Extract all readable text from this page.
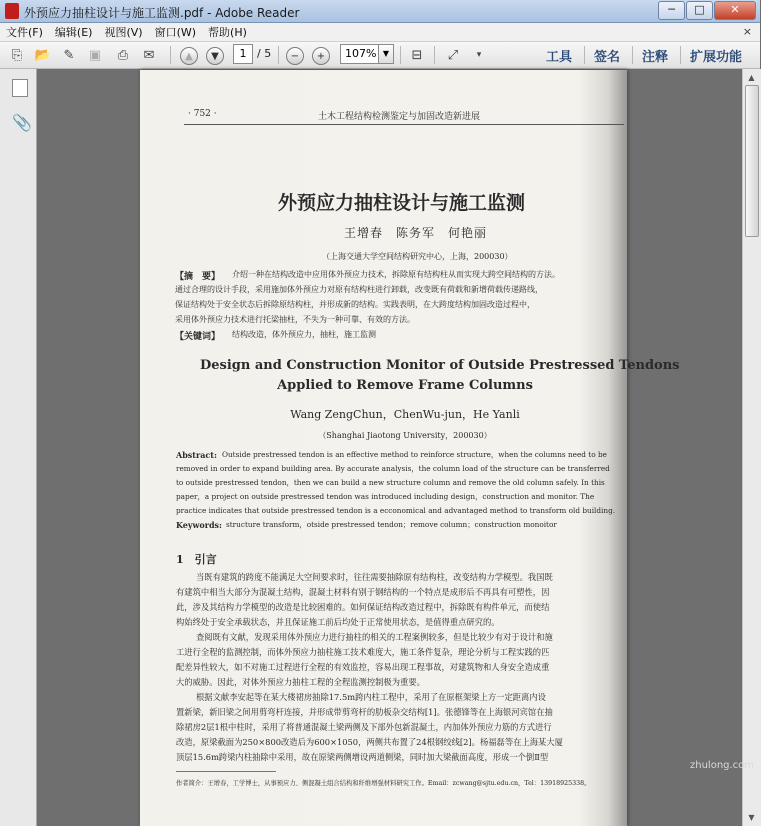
外预应力抽柱设计与施工监测.pdf - Adobe Reader	─	□	✕
文件(F)	编辑(E)	视图(V)	窗口(W)	帮助(H)	×
⎘ 📂 ✎ ▣ ⎙ ✉	▲	▼	1 / 5	−	+	107% ▼	⊟ ⤢	▾	工具 签名 注释 扩展功能
📎	· 752 ·	土木工程结构检测鉴定与加固改造新进展
外预应力抽柱设计与施工监测
王增春　陈务军　何艳丽
（上海交通大学空间结构研究中心，上海，200030）
【摘　要】 介绍一种在结构改造中应用体外预应力技术，拆除原有结构柱从而实现大跨空间结构的方法。
通过合理的设计手段，采用施加体外预应力对原有结构柱进行卸载，改变既有荷载和新增荷载传递路线，
保证结构处于安全状态后拆除原结构柱，并形成新的结构。实践表明，在大跨度结构加固改造过程中，
采用体外预应力技术进行托梁抽柱，不失为一种可靠、有效的方法。
【关键词】 结构改造，体外预应力，抽柱，施工监测
Design and Construction Monitor of Outside Prestressed Tendons
Applied to Remove Frame Columns
Wang ZengChun，ChenWu-jun，He Yanli
（Shanghai Jiaotong University，200030）
Abstract: Outside prestressed tendon is an effective method to reinforce structure，when the columns need to be
removed in order to expand building area. By accurate analysis，the column load of the structure can be transferred
to outside prestressed tendon，then we can build a new structure column and remove the old column safely. In this
paper，a project on outside prestressed tendon was introduced including design，construction and monitor. The
practice indicates that outside prestressed tendon is a ecconomical and advantaged method to transform old building.
Keywords: structure transform，otside prestressed tendon；remove column；construction monoitor
1　引言
当既有建筑的跨度不能满足大空间要求时，往往需要抽除原有结构柱，改变结构力学模型。我国既
有建筑中相当大部分为混凝土结构，混凝土材料有别于钢结构的一个特点是成形后不再具有可塑性，因
此，涉及其结构力学模型的改造是比较困难的。如何保证结构改造过程中，拆除既有构件单元，而使结
构始终处于安全承载状态，并且保证施工前后均处于正常使用状态，是值得重点研究的。
查阅既有文献，发现采用体外预应力进行抽柱的相关的工程案例较多，但是比较少有对于设计和施
工进行全程的监测控制，而体外预应力抽柱施工技术难度大，施工条件复杂，理论分析与工程实践的匹
配差异性较大，如不对施工过程进行全程的有效监控，容易出现工程事故，对建筑物和人身安全造成重
大的威胁。因此，对体外预应力抽柱工程的全程监测控制极为重要。
根据文献李安起等在某大楼裙房抽除17.5m跨内柱工程中，采用了在原框架梁上方一定距离内设
置新梁，新旧梁之间用剪弯杆连接，并形成带剪弯杆的肋板杂交结构[1]。张德锋等在上海银河宾馆在抽
除裙房2层1根中柱时，采用了将普通混凝土梁两侧及下部外包新混凝土，内加体外预应力筋的方式进行
改造，原梁截面为250×800改造后为600×1050，两侧共布置了24根钢绞线[2]。杨福磊等在上海某大厦
顶层15.6m跨梁内柱抽除中采用，故在原梁两侧增设两道侧梁，同时加大梁截面高度，形成一个倒Ⅱ型
作者简介：王增春，工学博士，从事预应力、侧混凝土组合结构和纤维增强材料研究工作。Email：zcwang@sjtu.edu.cn，Tel：13918925338。
▲
▼
zhulong.com
